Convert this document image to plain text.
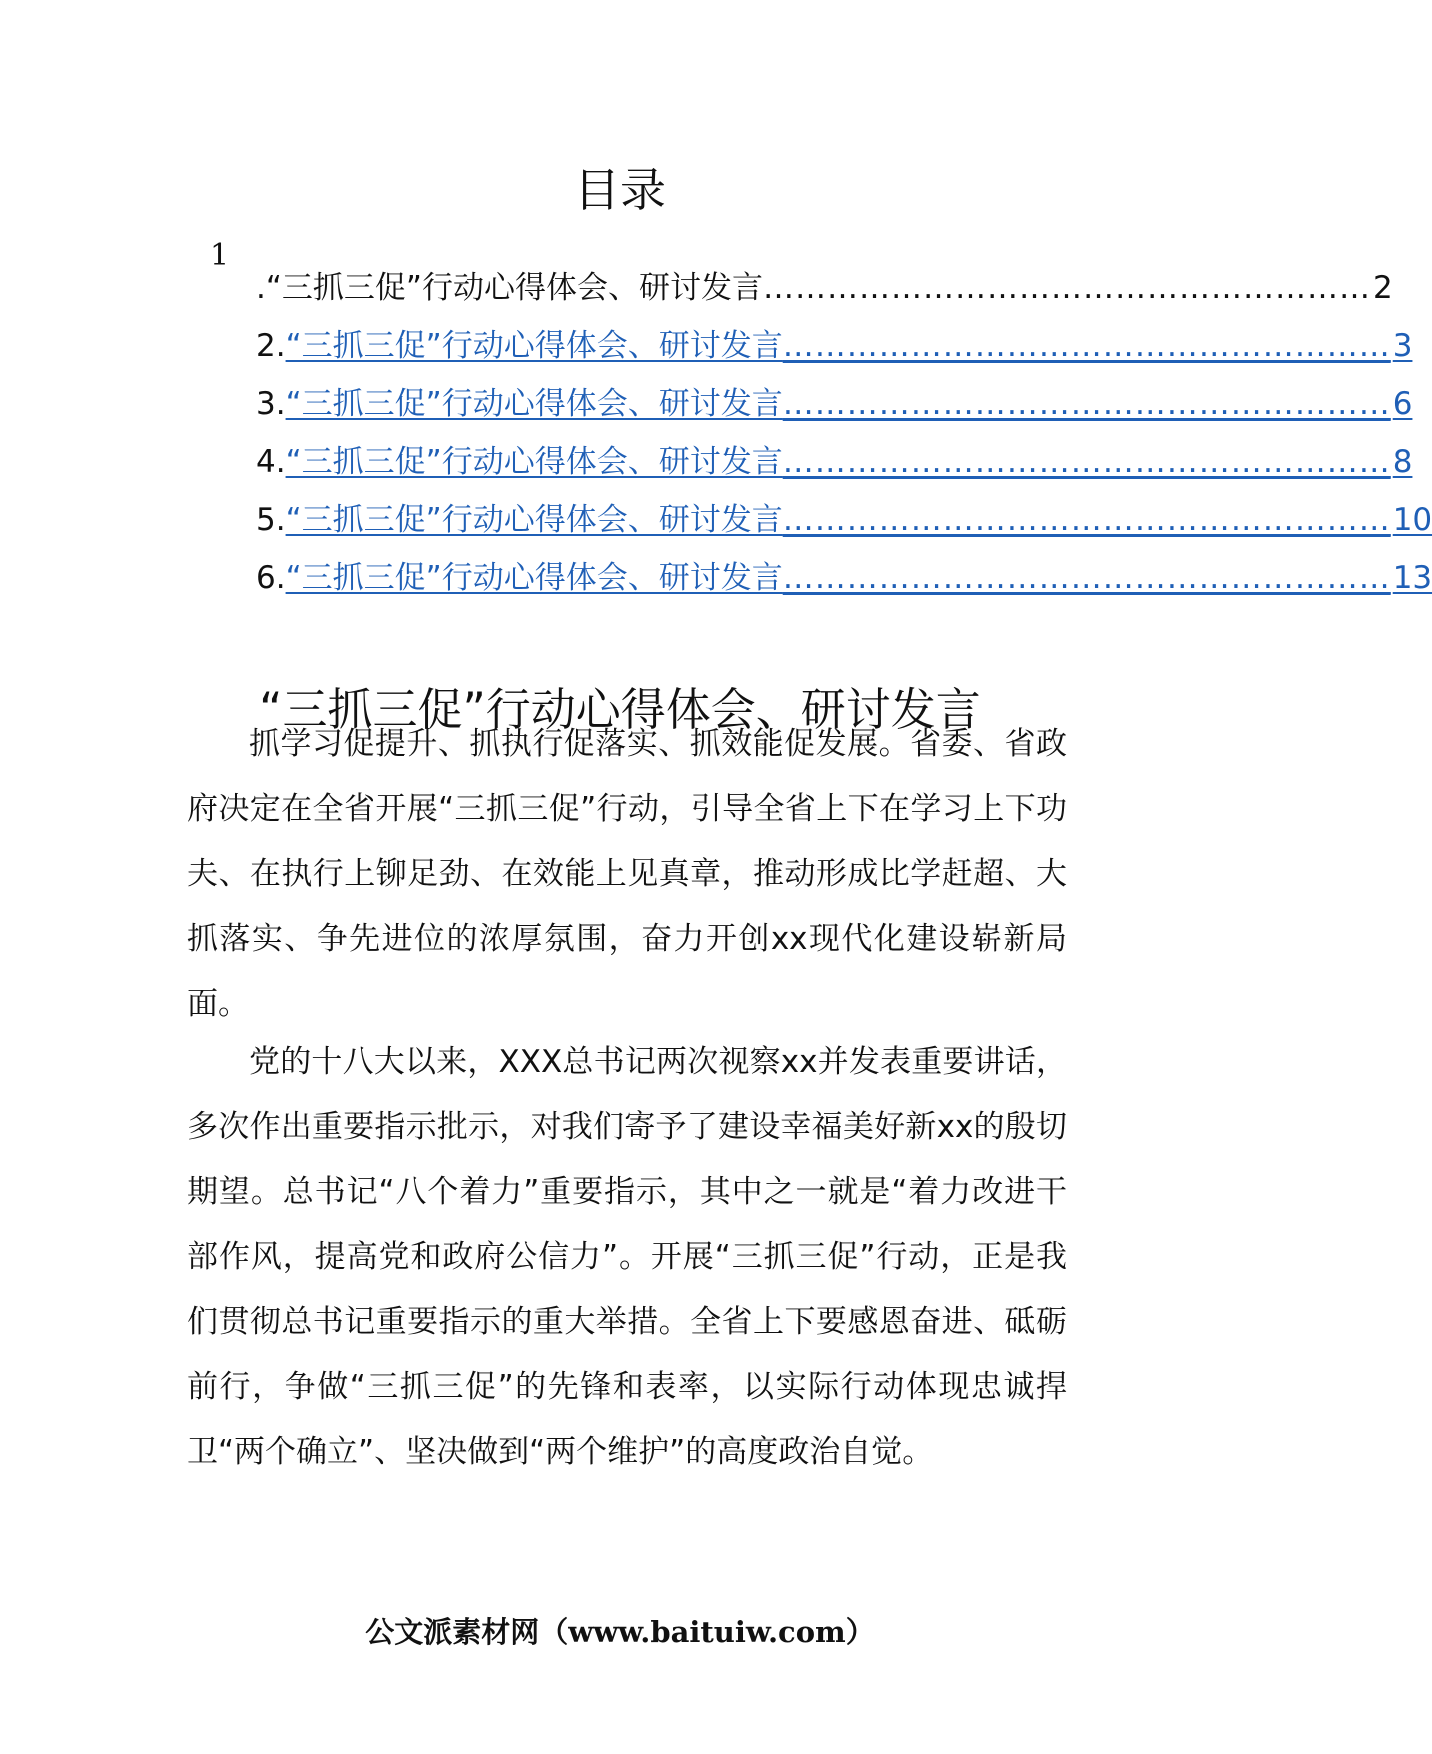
目录
1
. “三抓三促”行动心得体会、研讨发言 ………………………………………………… 2
2. “三抓三促”行动心得体会、研讨发言 ………………………………………………… 3
3. “三抓三促”行动心得体会、研讨发言 ………………………………………………… 6
4. “三抓三促”行动心得体会、研讨发言 ………………………………………………… 8
5. “三抓三促”行动心得体会、研讨发言 ………………………………………………… 10
6. “三抓三促”行动心得体会、研讨发言 ………………………………………………… 13
“三抓三促”行动心得体会、研讨发言

抓学习促提升、抓执行促落实、抓效能促发展。省委、省政府决定在全省开展“三抓三促”行动，引导全省上下在学习上下功夫、在执行上铆足劲、在效能上见真章，推动形成比学赶超、大抓落实、争先进位的浓厚氛围，奋力开创xx现代化建设崭新局面。

党的十八大以来，XXX总书记两次视察xx并发表重要讲话，多次作出重要指示批示，对我们寄予了建设幸福美好新xx的殷切期望。总书记“八个着力”重要指示，其中之一就是“着力改进干部作风，提高党和政府公信力”。开展“三抓三促”行动，正是我们贯彻总书记重要指示的重大举措。全省上下要感恩奋进、砥砺前行，争做“三抓三促”的先锋和表率，以实际行动体现忠诚捍卫“两个确立”、坚决做到“两个维护”的高度政治自觉。

公文派素材网（www.baituiw.com）
